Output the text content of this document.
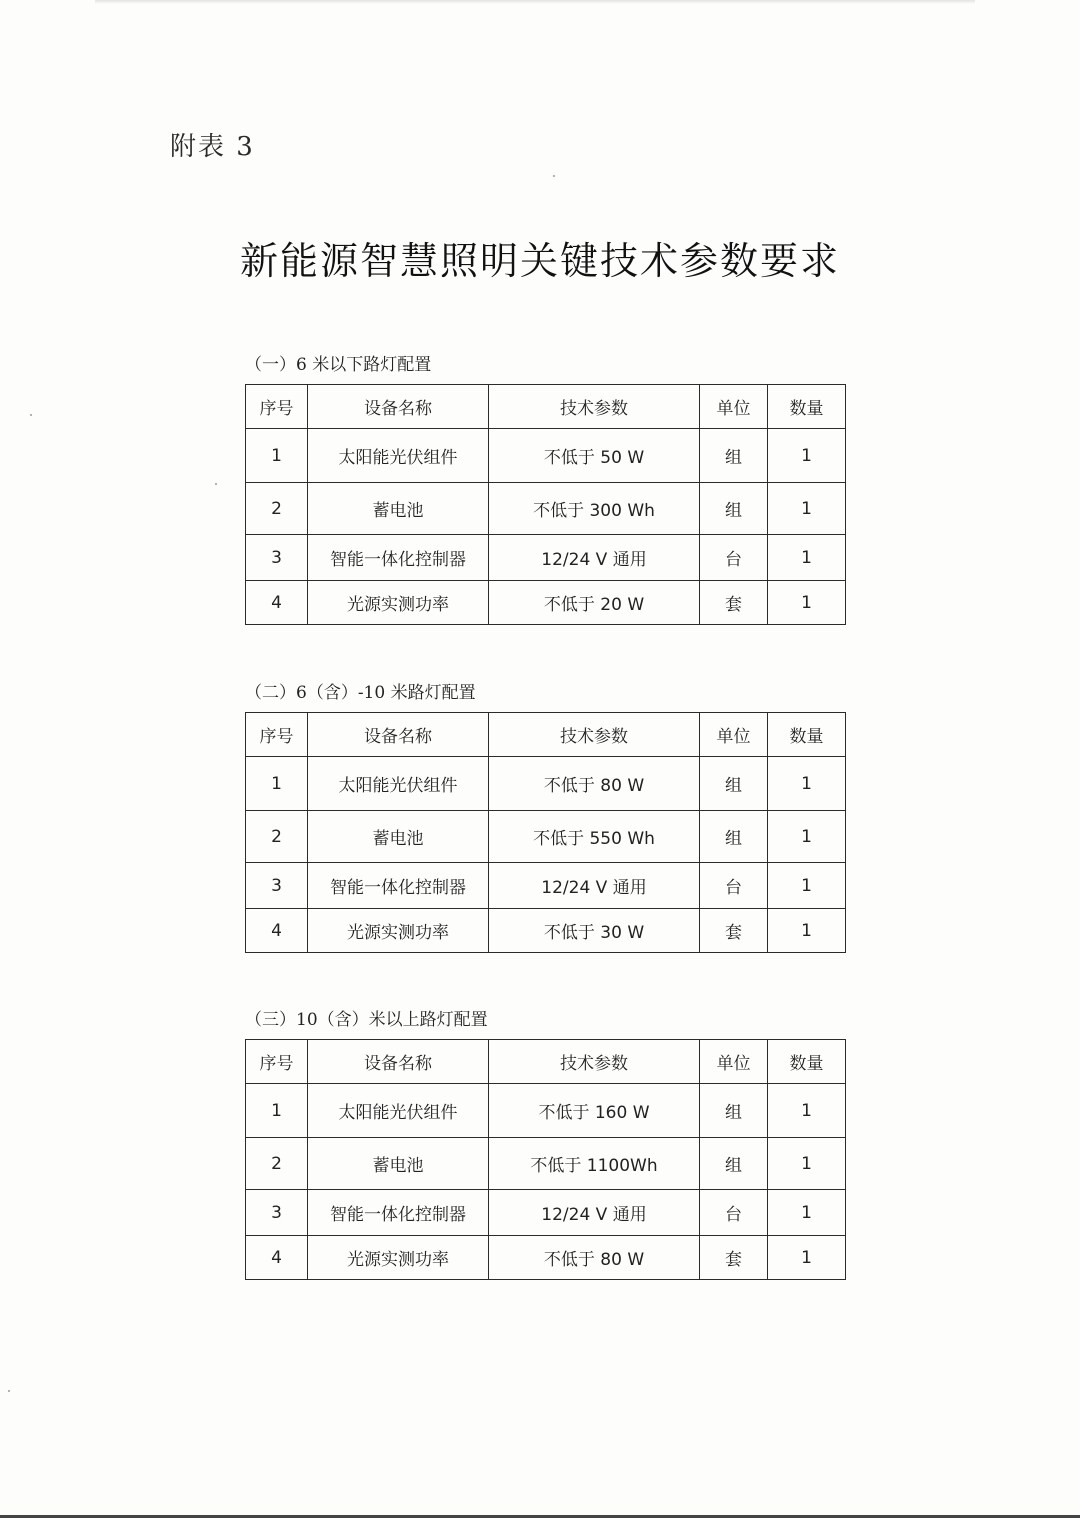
附表 3
新能源智慧照明关键技术参数要求
（一）6 米以下路灯配置
序号	设备名称	技术参数	单位	数量
1	太阳能光伏组件	不低于 50 W	组	1
2	蓄电池	不低于 300 Wh	组	1
3	智能一体化控制器	12/24 V 通用	台	1
4	光源实测功率	不低于 20 W	套	1
（二）6（含）-10 米路灯配置
序号	设备名称	技术参数	单位	数量
1	太阳能光伏组件	不低于 80 W	组	1
2	蓄电池	不低于 550 Wh	组	1
3	智能一体化控制器	12/24 V 通用	台	1
4	光源实测功率	不低于 30 W	套	1
（三）10（含）米以上路灯配置
序号	设备名称	技术参数	单位	数量
1	太阳能光伏组件	不低于 160 W	组	1
2	蓄电池	不低于 1100Wh	组	1
3	智能一体化控制器	12/24 V 通用	台	1
4	光源实测功率	不低于 80 W	套	1
